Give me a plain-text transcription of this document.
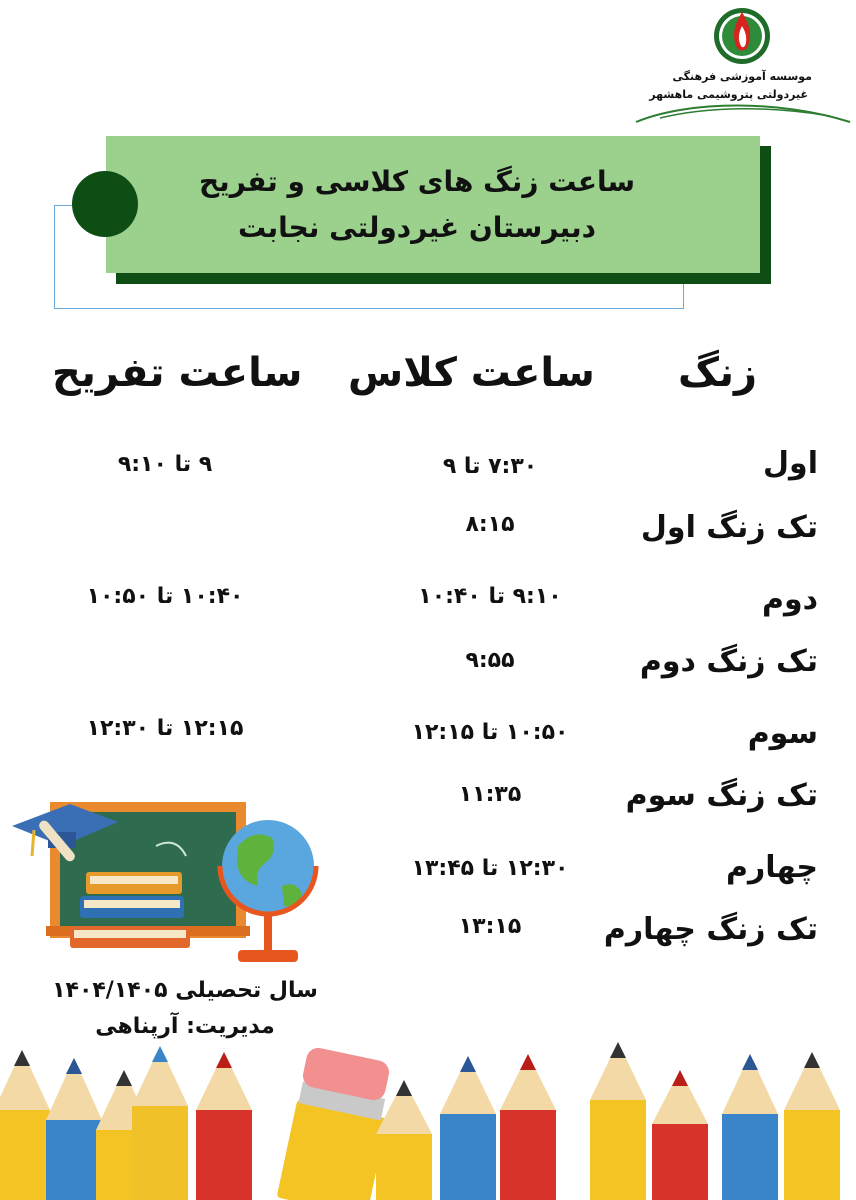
موسسه آموزشی فرهنگی
غیردولتی پتروشیمی ماهشهر
ساعت زنگ های کلاسی و تفریح
دبیرستان غیردولتی نجابت
زنگ
ساعت کلاس
ساعت تفریح
اول
۷:۳۰ تا ۹
۹ تا ۹:۱۰
تک زنگ اول
۸:۱۵
دوم
۹:۱۰ تا ۱۰:۴۰
۱۰:۴۰ تا ۱۰:۵۰
تک زنگ دوم
۹:۵۵
سوم
۱۰:۵۰ تا ۱۲:۱۵
۱۲:۱۵ تا ۱۲:۳۰
تک زنگ سوم
۱۱:۳۵
چهارم
۱۲:۳۰ تا ۱۳:۴۵
تک زنگ چهارم
۱۳:۱۵
سال تحصیلی ۱۴۰۴/۱۴۰۵
مدیریت: آرپناهی
